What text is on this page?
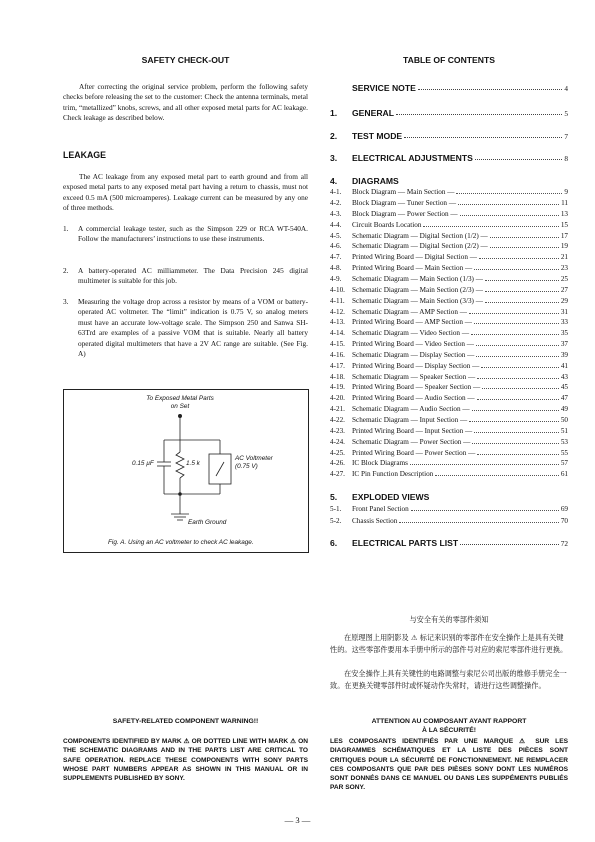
SAFETY CHECK-OUT

After correcting the original service problem, perform the following safety checks before releasing the set to the customer: Check the antenna terminals, metal trim, “metallized” knobs, screws, and all other exposed metal parts for AC leakage. Check leakage as described below.

LEAKAGE

The AC leakage from any exposed metal part to earth ground and from all exposed metal parts to any exposed metal part having a return to chassis, must not exceed 0.5 mA (500 microamperes). Leakage current can be measured by any one of three methods.

1. A commercial leakage tester, such as the Simpson 229 or RCA WT-540A. Follow the manufacturers’ instructions to use these instruments.
2. A battery-operated AC milliammeter. The Data Precision 245 digital multimeter is suitable for this job.
3. Measuring the voltage drop across a resistor by means of a VOM or battery-operated AC voltmeter. The “limit” indication is 0.75 V, so analog meters must have an accurate low-voltage scale. The Simpson 250 and Sanwa SH-63Trd are examples of a passive VOM that is suitable. Nearly all battery operated digital multimeters that have a 2V AC range are suitable. (See Fig. A)
To Exposed Metal Parts on Set
0.15 µF	1.5 k
AC Voltmeter (0.75 V)
Earth Ground
Fig. A. Using an AC voltmeter to check AC leakage.
TABLE OF CONTENTS
SERVICE NOTE	4
1.	GENERAL	5
2.	TEST MODE	7
3.	ELECTRICAL ADJUSTMENTS	8
4.	DIAGRAMS
4-1.	Block Diagram — Main Section —	9
4-2.	Block Diagram — Tuner Section —	11
4-3.	Block Diagram — Power Section —	13
4-4.	Circuit Boards Location	15
4-5.	Schematic Diagram — Digital Section (1/2) —	17
4-6.	Schematic Diagram — Digital Section (2/2) —	19
4-7.	Printed Wiring Board — Digital Section —	21
4-8.	Printed Wiring Board — Main Section —	23
4-9.	Schematic Diagram — Main Section (1/3) —	25
4-10. Schematic Diagram — Main Section (2/3) —	27
4-11.	Schematic Diagram — Main Section (3/3) —	29
4-12. Schematic Diagram — AMP Section —	31
4-13. Printed Wiring Board — AMP Section —	33
4-14. Schematic Diagram — Video Section —	35
4-15. Printed Wiring Board — Video Section —	37
4-16. Schematic Diagram — Display Section —	39
4-17. Printed Wiring Board — Display Section —	41
4-18. Schematic Diagram — Speaker Section —	43
4-19. Printed Wiring Board — Speaker Section —	45
4-20. Printed Wiring Board — Audio Section —	47
4-21. Schematic Diagram — Audio Section —	49
4-22. Schematic Diagram — Input Section —	50
4-23. Printed Wiring Board — Input Section —	51
4-24. Schematic Diagram — Power Section —	53
4-25. Printed Wiring Board — Power Section —	55
4-26. IC Block Diagrams	57
4-27. IC Pin Function Description	61
5.	EXPLODED VIEWS
5-1.	Front Panel Section	69
5-2.	Chassis Section	70
6.	ELECTRICAL PARTS LIST	72
与安全有关的零部件须知
在原理图上用阴影及 ⚠ 标记来识别的零部件在安全操作上是具有关键性的。这些零部件要用本手册中所示的部件号对应的索尼零部件进行更换。
在安全操作上具有关键性的电路调整与索尼公司出版的维修手册完全一致。在更换关键零部件时或怀疑动作失常时，请进行这些调整操作。
SAFETY-RELATED COMPONENT WARNING!!
COMPONENTS IDENTIFIED BY MARK ⚠ OR DOTTED LINE WITH MARK ⚠ ON THE SCHEMATIC DIAGRAMS AND IN THE PARTS LIST ARE CRITICAL TO SAFE OPERATION. REPLACE THESE COMPONENTS WITH SONY PARTS WHOSE PART NUMBERS APPEAR AS SHOWN IN THIS MANUAL OR IN SUPPLEMENTS PUBLISHED BY SONY.
ATTENTION AU COMPOSANT AYANT RAPPORT
À LA SÉCURITÉ!
LES COMPOSANTS IDENTIFIÉS PAR UNE MARQUE ⚠ SUR LES DIAGRAMMES SCHÉMATIQUES ET LA LISTE DES PIÈCES SONT CRITIQUES POUR LA SÉCURITÉ DE FONCTIONNEMENT. NE REMPLACER CES COMPOSANTS QUE PAR DES PIÈSES SONY DONT LES NUMÉROS SONT DONNÉS DANS CE MANUEL OU DANS LES SUPPÉMENTS PUBLIÉS PAR SONY.
— 3 —
